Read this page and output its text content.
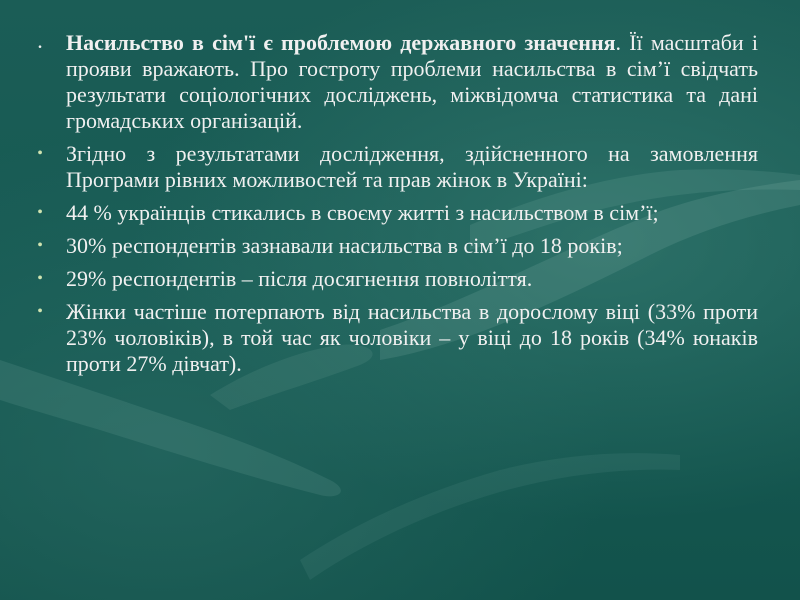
.	Насильство в сім'ї є проблемою державного значення. Її масштаби і прояви вражають. Про гостроту проблеми насильства в сім’ї свідчать результати соціологічних досліджень, міжвідомча статистика та дані громадських організацій.
•	Згідно з результатами дослідження, здійсненного на замовлення Програми рівних можливостей та прав жінок в Україні:
•	44 % українців стикались в своєму житті з насильством в сім’ї;
•	30% респондентів зазнавали насильства в сім’ї до 18 років;
•	29% респондентів – після досягнення повноліття.
•	Жінки частіше потерпають від насильства в дорослому віці (33% проти 23% чоловіків), в той час як чоловіки – у віці до 18 років (34% юнаків проти 27% дівчат).
